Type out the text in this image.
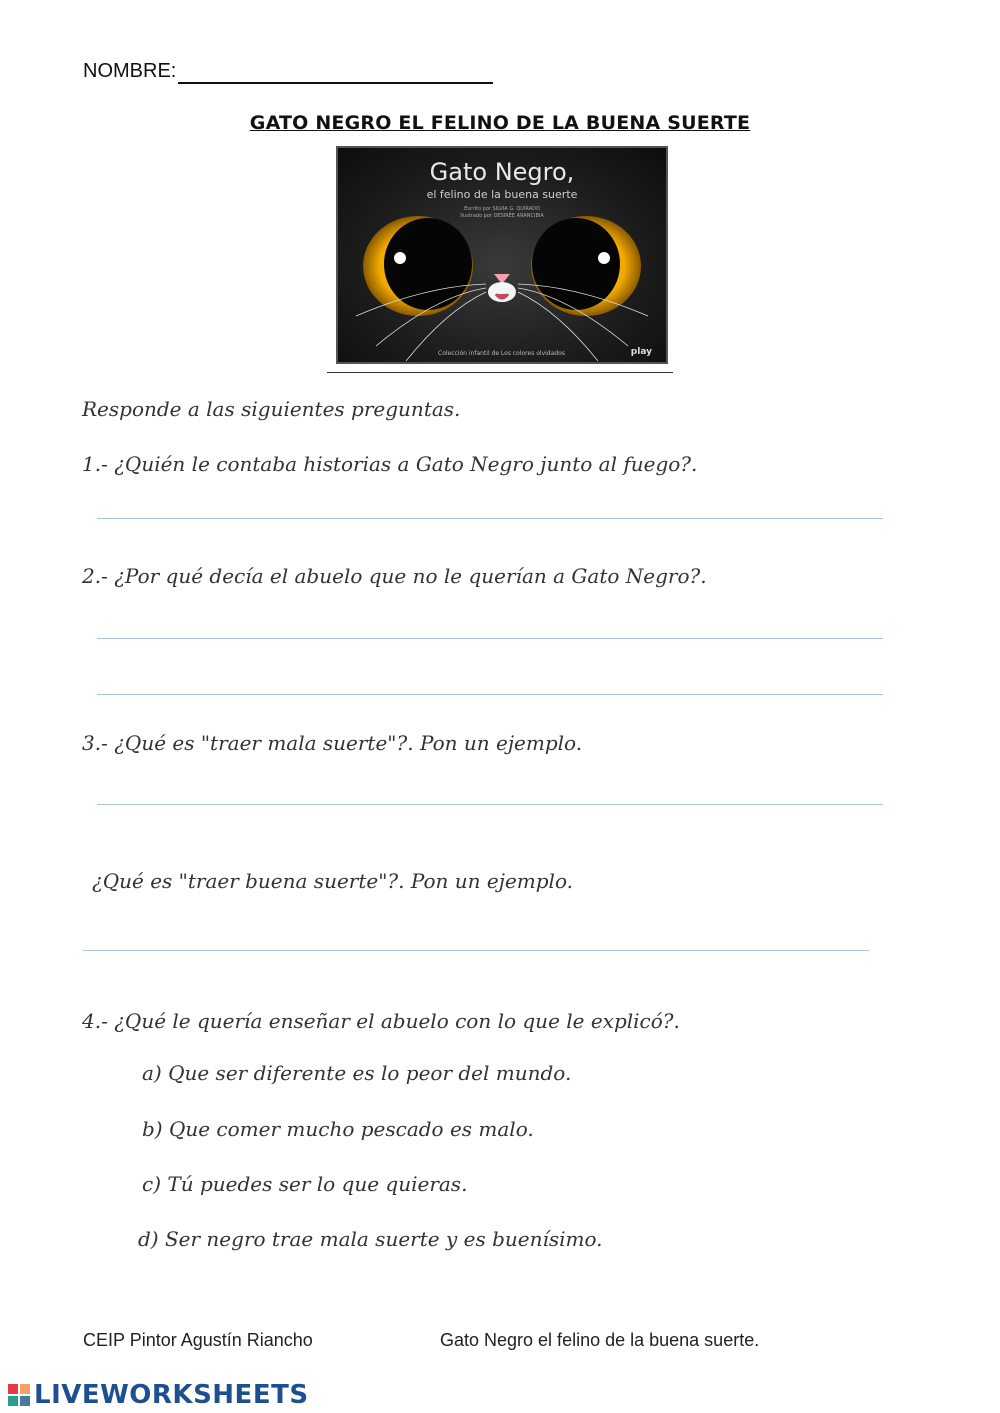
NOMBRE:
GATO NEGRO EL FELINO DE LA BUENA SUERTE
Gato Negro,
el felino de la buena suerte
Escrito por SILVIA G. QUIRADO
Ilustrado por DESIRÉE ARANCIBIA
Colección infantil de Los colores olvidados	play
Responde a las siguientes preguntas.
1.- ¿Quién le contaba historias a Gato Negro junto al fuego?.
2.- ¿Por qué decía el abuelo que no le querían a Gato Negro?.
3.- ¿Qué es "traer mala suerte"?. Pon un ejemplo.
¿Qué es "traer buena suerte"?. Pon un ejemplo.
4.- ¿Qué le quería enseñar el abuelo con lo que le explicó?.
a) Que ser diferente es lo peor del mundo.
b) Que comer mucho pescado es malo.
c) Tú puedes ser lo que quieras.
d) Ser negro trae mala suerte y es buenísimo.
CEIP Pintor Agustín Riancho	Gato Negro el felino de la buena suerte.
LIVEWORKSHEETS
